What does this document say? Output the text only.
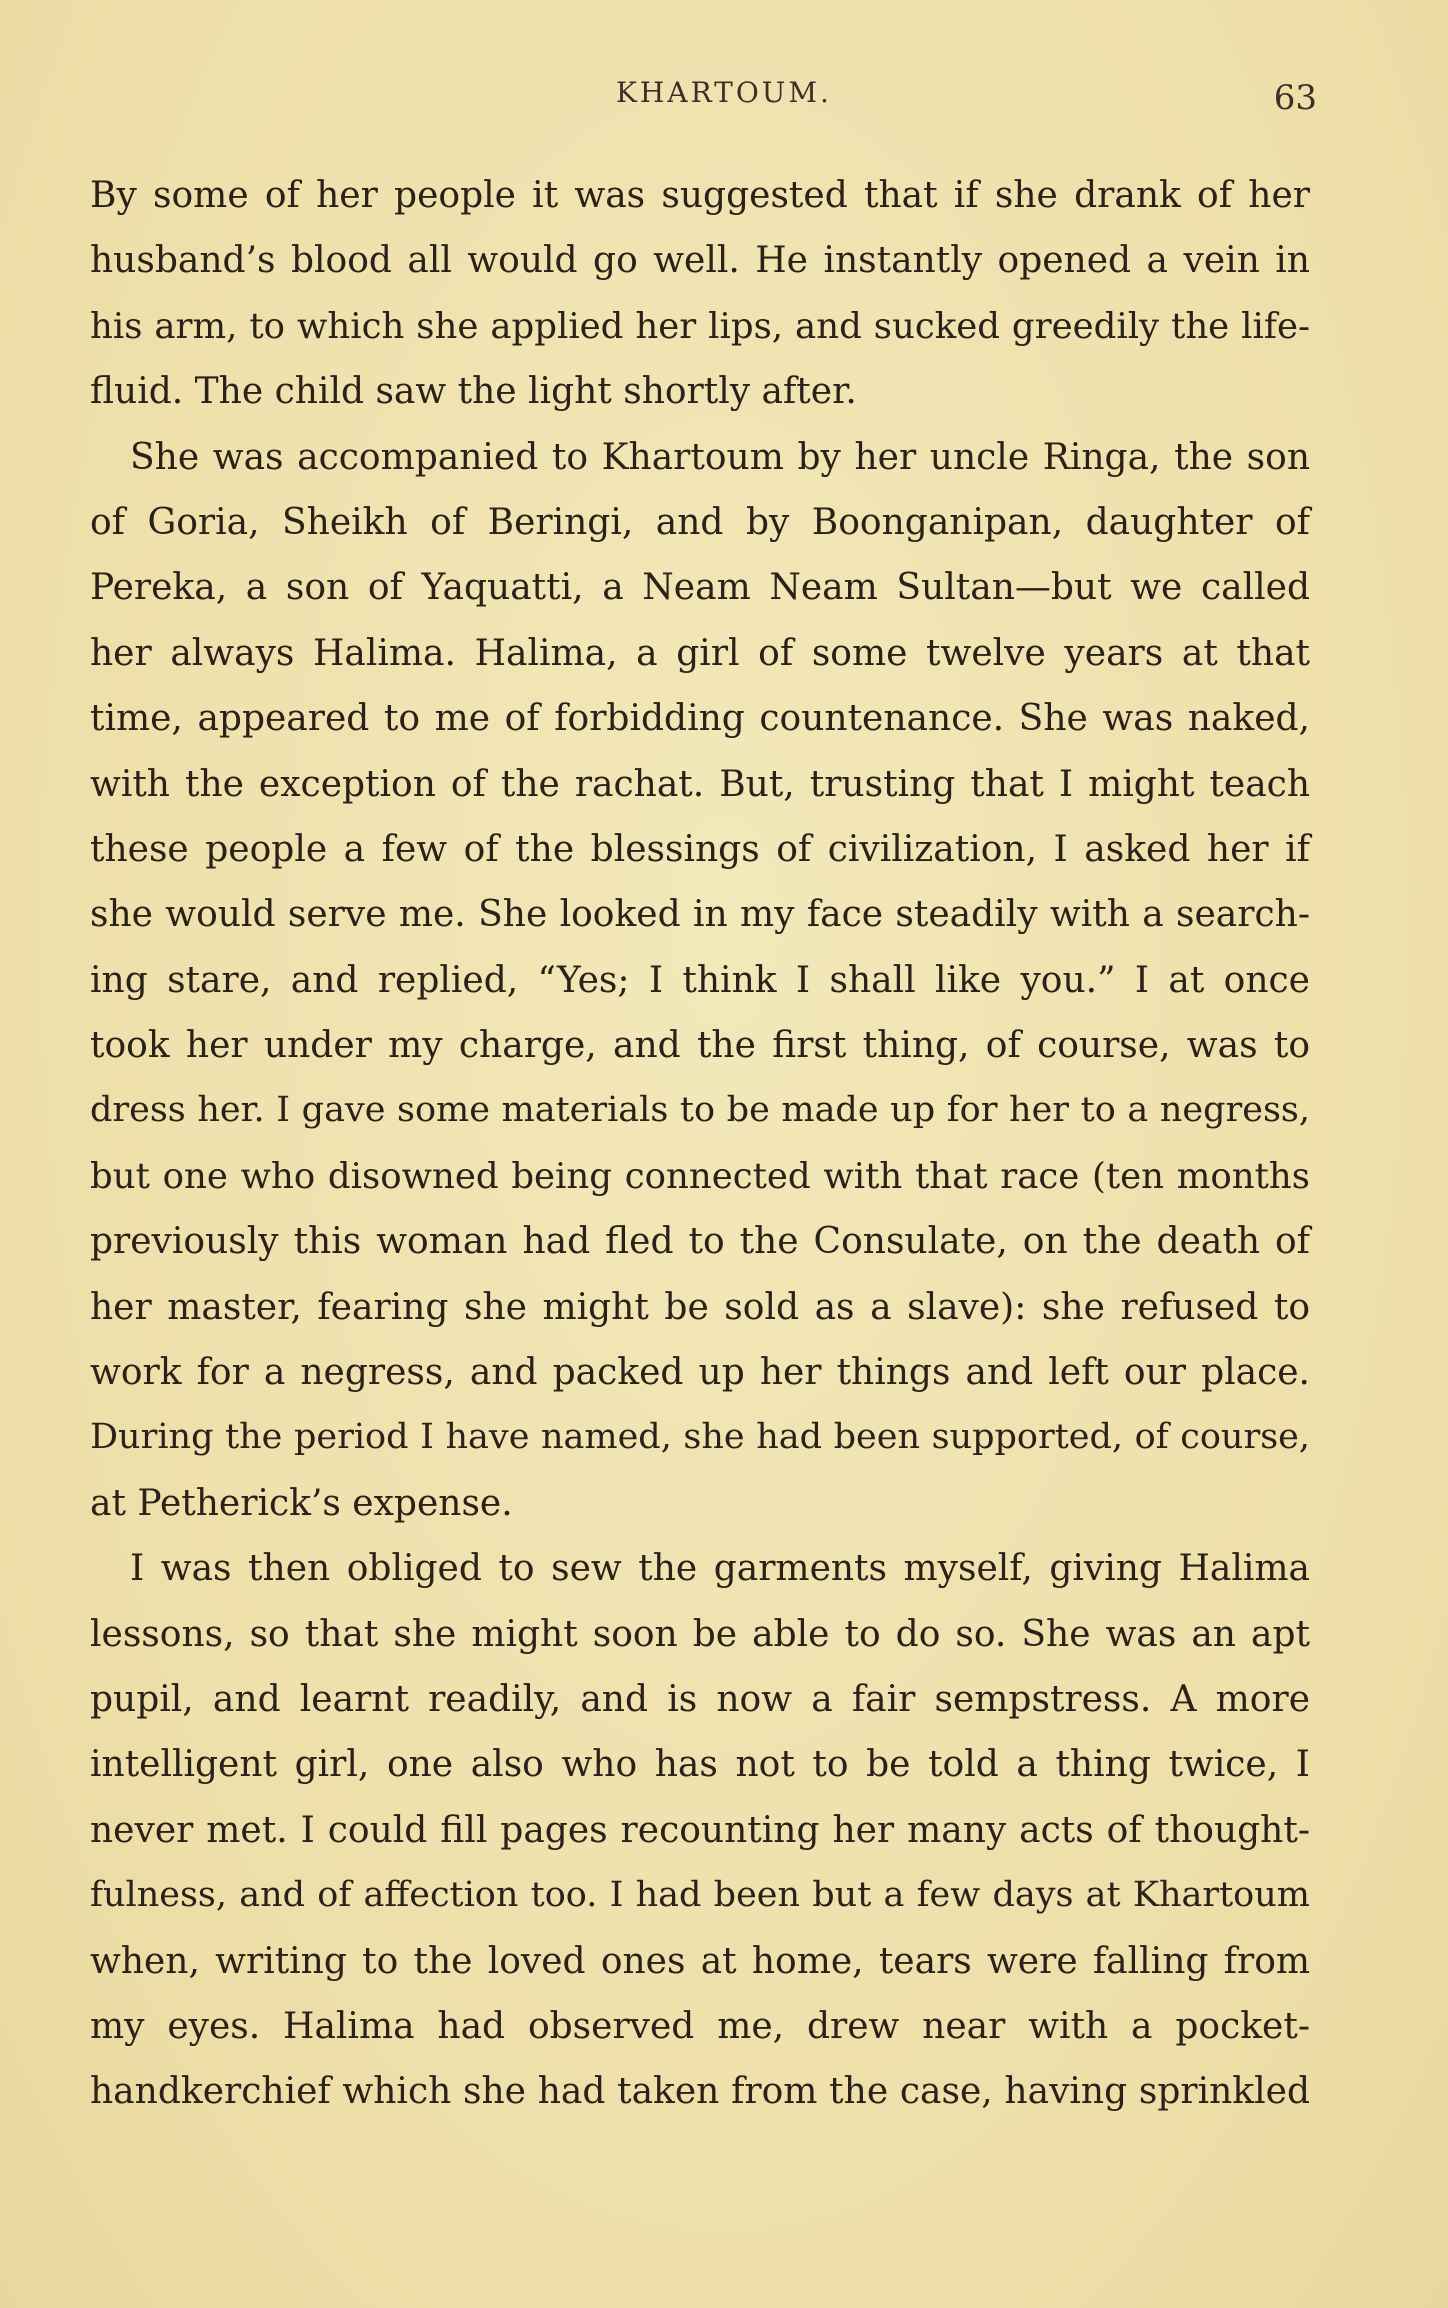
KHARTOUM.	63
By some of her people it was suggested that if she drank of her
husband’s blood all would go well. He instantly opened a vein in
his arm, to which she applied her lips, and sucked greedily the life-
fluid. The child saw the light shortly after.
She was accompanied to Khartoum by her uncle Ringa, the son
of Goria, Sheikh of Beringi, and by Boonganipan, daughter of
Pereka, a son of Yaquatti, a Neam Neam Sultan—but we called
her always Halima. Halima, a girl of some twelve years at that
time, appeared to me of forbidding countenance. She was naked,
with the exception of the rachat. But, trusting that I might teach
these people a few of the blessings of civilization, I asked her if
she would serve me. She looked in my face steadily with a search-
ing stare, and replied, “Yes; I think I shall like you.” I at once
took her under my charge, and the first thing, of course, was to
dress her. I gave some materials to be made up for her to a negress,
but one who disowned being connected with that race (ten months
previously this woman had fled to the Consulate, on the death of
her master, fearing she might be sold as a slave): she refused to
work for a negress, and packed up her things and left our place.
During the period I have named, she had been supported, of course,
at Petherick’s expense.
I was then obliged to sew the garments myself, giving Halima
lessons, so that she might soon be able to do so. She was an apt
pupil, and learnt readily, and is now a fair sempstress. A more
intelligent girl, one also who has not to be told a thing twice, I
never met. I could fill pages recounting her many acts of thought-
fulness, and of affection too. I had been but a few days at Khartoum
when, writing to the loved ones at home, tears were falling from
my eyes. Halima had observed me, drew near with a pocket-
handkerchief which she had taken from the case, having sprinkled
